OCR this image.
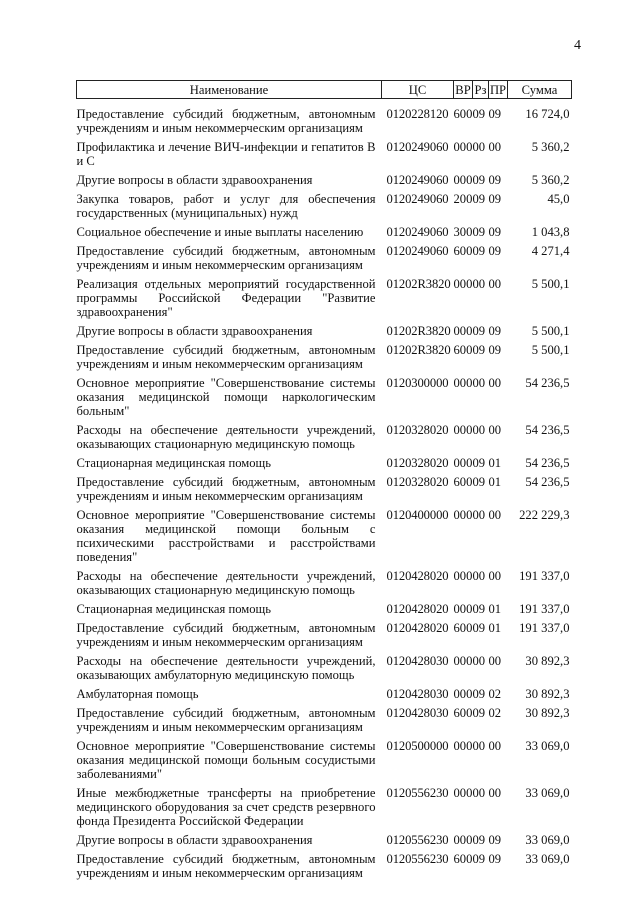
4
Наименование	ЦС	ВР	Рз	ПР	Сумма
Предоставление субсидий бюджетным, автономным учреждениям и иным некоммерческим организациям	0120228120	600	09	09	16 724,0

Профилактика и лечение ВИЧ-инфекции и гепатитов В и С	0120249060	000	00	00	5 360,2

Другие вопросы в области здравоохранения	0120249060	000	09	09	5 360,2

Закупка товаров, работ и услуг для обеспечения государственных (муниципальных) нужд	0120249060	200	09	09	45,0

Социальное обеспечение и иные выплаты населению	0120249060	300	09	09	1 043,8

Предоставление субсидий бюджетным, автономным учреждениям и иным некоммерческим организациям	0120249060	600	09	09	4 271,4

Реализация отдельных мероприятий государственной программы Российской Федерации "Развитие здравоохранения"	01202R3820	000	00	00	5 500,1

Другие вопросы в области здравоохранения	01202R3820	000	09	09	5 500,1

Предоставление субсидий бюджетным, автономным учреждениям и иным некоммерческим организациям	01202R3820	600	09	09	5 500,1

Основное мероприятие "Совершенствование системы оказания медицинской помощи наркологическим больным"	0120300000	000	00	00	54 236,5

Расходы на обеспечение деятельности учреждений, оказывающих стационарную медицинскую помощь	0120328020	000	00	00	54 236,5

Стационарная медицинская помощь	0120328020	000	09	01	54 236,5

Предоставление субсидий бюджетным, автономным учреждениям и иным некоммерческим организациям	0120328020	600	09	01	54 236,5

Основное мероприятие "Совершенствование системы оказания медицинской помощи больным с психическими расстройствами и расстройствами поведения"	0120400000	000	00	00	222 229,3

Расходы на обеспечение деятельности учреждений, оказывающих стационарную медицинскую помощь	0120428020	000	00	00	191 337,0

Стационарная медицинская помощь	0120428020	000	09	01	191 337,0

Предоставление субсидий бюджетным, автономным учреждениям и иным некоммерческим организациям	0120428020	600	09	01	191 337,0

Расходы на обеспечение деятельности учреждений, оказывающих амбулаторную медицинскую помощь	0120428030	000	00	00	30 892,3

Амбулаторная помощь	0120428030	000	09	02	30 892,3

Предоставление субсидий бюджетным, автономным учреждениям и иным некоммерческим организациям	0120428030	600	09	02	30 892,3

Основное мероприятие "Совершенствование системы оказания медицинской помощи больным сосудистыми заболеваниями"	0120500000	000	00	00	33 069,0

Иные межбюджетные трансферты на приобретение медицинского оборудования за счет средств резервного фонда Президента Российской Федерации	0120556230	000	00	00	33 069,0

Другие вопросы в области здравоохранения	0120556230	000	09	09	33 069,0

Предоставление субсидий бюджетным, автономным учреждениям и иным некоммерческим организациям	0120556230	600	09	09	33 069,0
